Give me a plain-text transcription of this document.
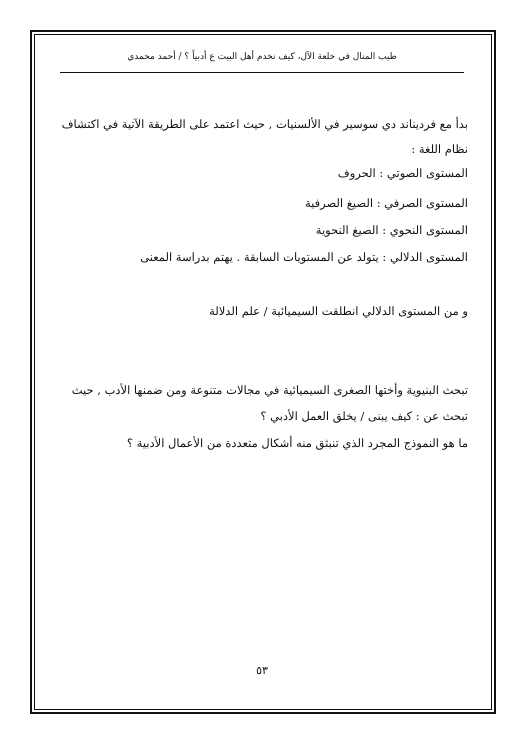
طيب المنال في خلعة الآل، كيف نخدم أهل البيت ع أدبياً ؟ / أحمد محمدي
بدأ مع فرديناند دي سوسير في الألسنيات , حيث اعتمد على الطريقة الآتية في اكتشاف
نظام اللغة :
المستوى الصوتي : الحروف
المستوى الصرفي : الصيغ الصرفية
المستوى النحوي : الصيغ النحوية
المستوى الدلالي : يتولد عن المستويات السابقة . يهتم بدراسة المعنى
و من المستوى الدلالي انطلقت السيميائية / علم الدلالة
تبحث البنيوية وأختها الصغرى السيميائية في مجالات متنوعة ومن ضمنها الأدب , حيث
تبحث عن : كيف يبنى / يخلق العمل الأدبي ؟
ما هو النموذج المجرد الذي تنبثق منه أشكال متعددة من الأعمال الأدبية ؟
٥٣
